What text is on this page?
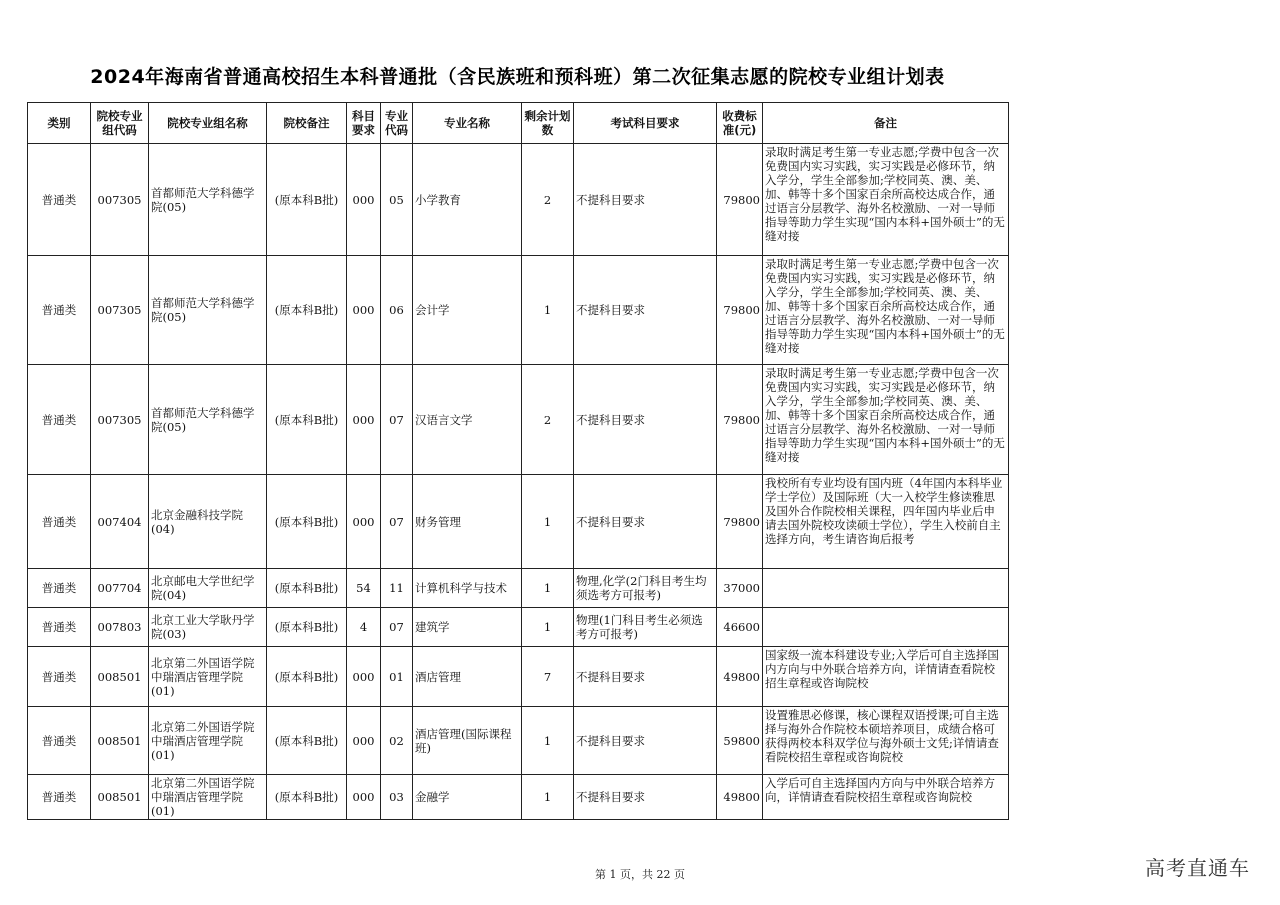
2024年海南省普通高校招生本科普通批（含民族班和预科班）第二次征集志愿的院校专业组计划表
类别	院校专业组代码	院校专业组名称	院校备注	科目要求	专业代码	专业名称	剩余计划数	考试科目要求	收费标准(元)	备注
普通类	007305	首都师范大学科德学院(05)	(原本科B批)	000	05	小学教育	2	不提科目要求	79800	录取时满足考生第一专业志愿;学费中包含一次免费国内实习实践，实习实践是必修环节，纳入学分，学生全部参加;学校同英、澳、美、加、韩等十多个国家百余所高校达成合作，通过语言分层教学、海外名校激励、一对一导师指导等助力学生实现“国内本科+国外硕士”的无缝对接
普通类	007305	首都师范大学科德学院(05)	(原本科B批)	000	06	会计学	1	不提科目要求	79800	录取时满足考生第一专业志愿;学费中包含一次免费国内实习实践，实习实践是必修环节，纳入学分，学生全部参加;学校同英、澳、美、加、韩等十多个国家百余所高校达成合作，通过语言分层教学、海外名校激励、一对一导师指导等助力学生实现“国内本科+国外硕士”的无缝对接
普通类	007305	首都师范大学科德学院(05)	(原本科B批)	000	07	汉语言文学	2	不提科目要求	79800	录取时满足考生第一专业志愿;学费中包含一次免费国内实习实践，实习实践是必修环节，纳入学分，学生全部参加;学校同英、澳、美、加、韩等十多个国家百余所高校达成合作，通过语言分层教学、海外名校激励、一对一导师指导等助力学生实现“国内本科+国外硕士”的无缝对接
普通类	007404	北京金融科技学院(04)	(原本科B批)	000	07	财务管理	1	不提科目要求	79800	我校所有专业均设有国内班（4年国内本科毕业学士学位）及国际班（大一入校学生修读雅思及国外合作院校相关课程，四年国内毕业后申请去国外院校攻读硕士学位），学生入校前自主选择方向，考生请咨询后报考
普通类	007704	北京邮电大学世纪学院(04)	(原本科B批)	54	11	计算机科学与技术	1	物理,化学(2门科目考生均须选考方可报考)	37000	
普通类	007803	北京工业大学耿丹学院(03)	(原本科B批)	4	07	建筑学	1	物理(1门科目考生必须选考方可报考)	46600	
普通类	008501	北京第二外国语学院中瑞酒店管理学院(01)	(原本科B批)	000	01	酒店管理	7	不提科目要求	49800	国家级一流本科建设专业;入学后可自主选择国内方向与中外联合培养方向，详情请查看院校招生章程或咨询院校
普通类	008501	北京第二外国语学院中瑞酒店管理学院(01)	(原本科B批)	000	02	酒店管理(国际课程班)	1	不提科目要求	59800	设置雅思必修课，核心课程双语授课;可自主选择与海外合作院校本硕培养项目，成绩合格可获得两校本科双学位与海外硕士文凭;详情请查看院校招生章程或咨询院校
普通类	008501	北京第二外国语学院中瑞酒店管理学院(01)	(原本科B批)	000	03	金融学	1	不提科目要求	49800	入学后可自主选择国内方向与中外联合培养方向，详情请查看院校招生章程或咨询院校
第 1 页，共 22 页	高考直通车
